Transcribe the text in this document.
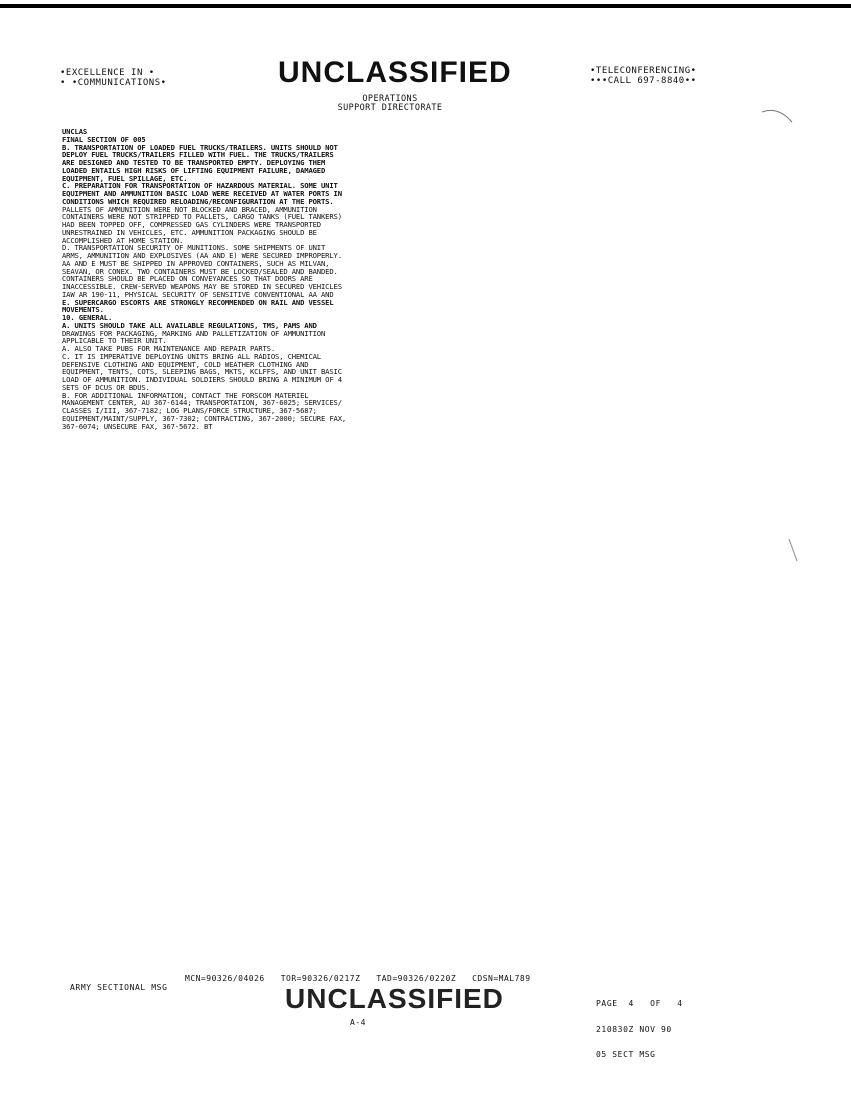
•EXCELLENCE IN •
• •COMMUNICATIONS•	UNCLASSIFIED	•TELECONFERENCING•
•••CALL 697-8840••
OPERATIONS
SUPPORT DIRECTORATE
UNCLAS
FINAL SECTION OF 005
B. TRANSPORTATION OF LOADED FUEL TRUCKS/TRAILERS. UNITS SHOULD NOT
DEPLOY FUEL TRUCKS/TRAILERS FILLED WITH FUEL. THE TRUCKS/TRAILERS
ARE DESIGNED AND TESTED TO BE TRANSPORTED EMPTY. DEPLOYING THEM
LOADED ENTAILS HIGH RISKS OF LIFTING EQUIPMENT FAILURE, DAMAGED
EQUIPMENT, FUEL SPILLAGE, ETC.
C. PREPARATION FOR TRANSPORTATION OF HAZARDOUS MATERIAL. SOME UNIT
EQUIPMENT AND AMMUNITION BASIC LOAD WERE RECEIVED AT WATER PORTS IN
CONDITIONS WHICH REQUIRED RELOADING/RECONFIGURATION AT THE PORTS.
PALLETS OF AMMUNITION WERE NOT BLOCKED AND BRACED, AMMUNITION
CONTAINERS WERE NOT STRIPPED TO PALLETS, CARGO TANKS (FUEL TANKERS)
HAD BEEN TOPPED OFF, COMPRESSED GAS CYLINDERS WERE TRANSPORTED
UNRESTRAINED IN VEHICLES, ETC. AMMUNITION PACKAGING SHOULD BE
ACCOMPLISHED AT HOME STATION.
D. TRANSPORTATION SECURITY OF MUNITIONS. SOME SHIPMENTS OF UNIT
ARMS, AMMUNITION AND EXPLOSIVES (AA AND E) WERE SECURED IMPROPERLY.
AA AND E MUST BE SHIPPED IN APPROVED CONTAINERS, SUCH AS MILVAN,
SEAVAN, OR CONEX. TWO CONTAINERS MUST BE LOCKED/SEALED AND BANDED.
CONTAINERS SHOULD BE PLACED ON CONVEYANCES SO THAT DOORS ARE
INACCESSIBLE. CREW-SERVED WEAPONS MAY BE STORED IN SECURED VEHICLES
IAW AR 190-11, PHYSICAL SECURITY OF SENSITIVE CONVENTIONAL AA AND
E. SUPERCARGO ESCORTS ARE STRONGLY RECOMMENDED ON RAIL AND VESSEL
MOVEMENTS.
10. GENERAL.
A. UNITS SHOULD TAKE ALL AVAILABLE REGULATIONS, TMS, PAMS AND
DRAWINGS FOR PACKAGING, MARKING AND PALLETIZATION OF AMMUNITION
APPLICABLE TO THEIR UNIT.
A. ALSO TAKE PUBS FOR MAINTENANCE AND REPAIR PARTS.
C. IT IS IMPERATIVE DEPLOYING UNITS BRING ALL RADIOS, CHEMICAL
DEFENSIVE CLOTHING AND EQUIPMENT, COLD WEATHER CLOTHING AND
EQUIPMENT, TENTS, COTS, SLEEPING BAGS, MKTS, KCLFFS, AND UNIT BASIC
LOAD OF AMMUNITION. INDIVIDUAL SOLDIERS SHOULD BRING A MINIMUM OF 4
SETS OF DCUS OR BDUS.
B. FOR ADDITIONAL INFORMATION, CONTACT THE FORSCOM MATERIEL
MANAGEMENT CENTER, AU 367-6144; TRANSPORTATION, 367-6025; SERVICES/
CLASSES I/III, 367-7182; LOG PLANS/FORCE STRUCTURE, 367-5687;
EQUIPMENT/MAINT/SUPPLY, 367-7302; CONTRACTING, 367-2000; SECURE FAX,
367-6074; UNSECURE FAX, 367-5672. BT
MCN=90326/04026   TOR=90326/0217Z   TAD=90326/0220Z   CDSN=MAL789
ARMY SECTIONAL MSG	UNCLASSIFIED
A-4

PAGE  4   OF   4

210830Z NOV 90

05 SECT MSG
